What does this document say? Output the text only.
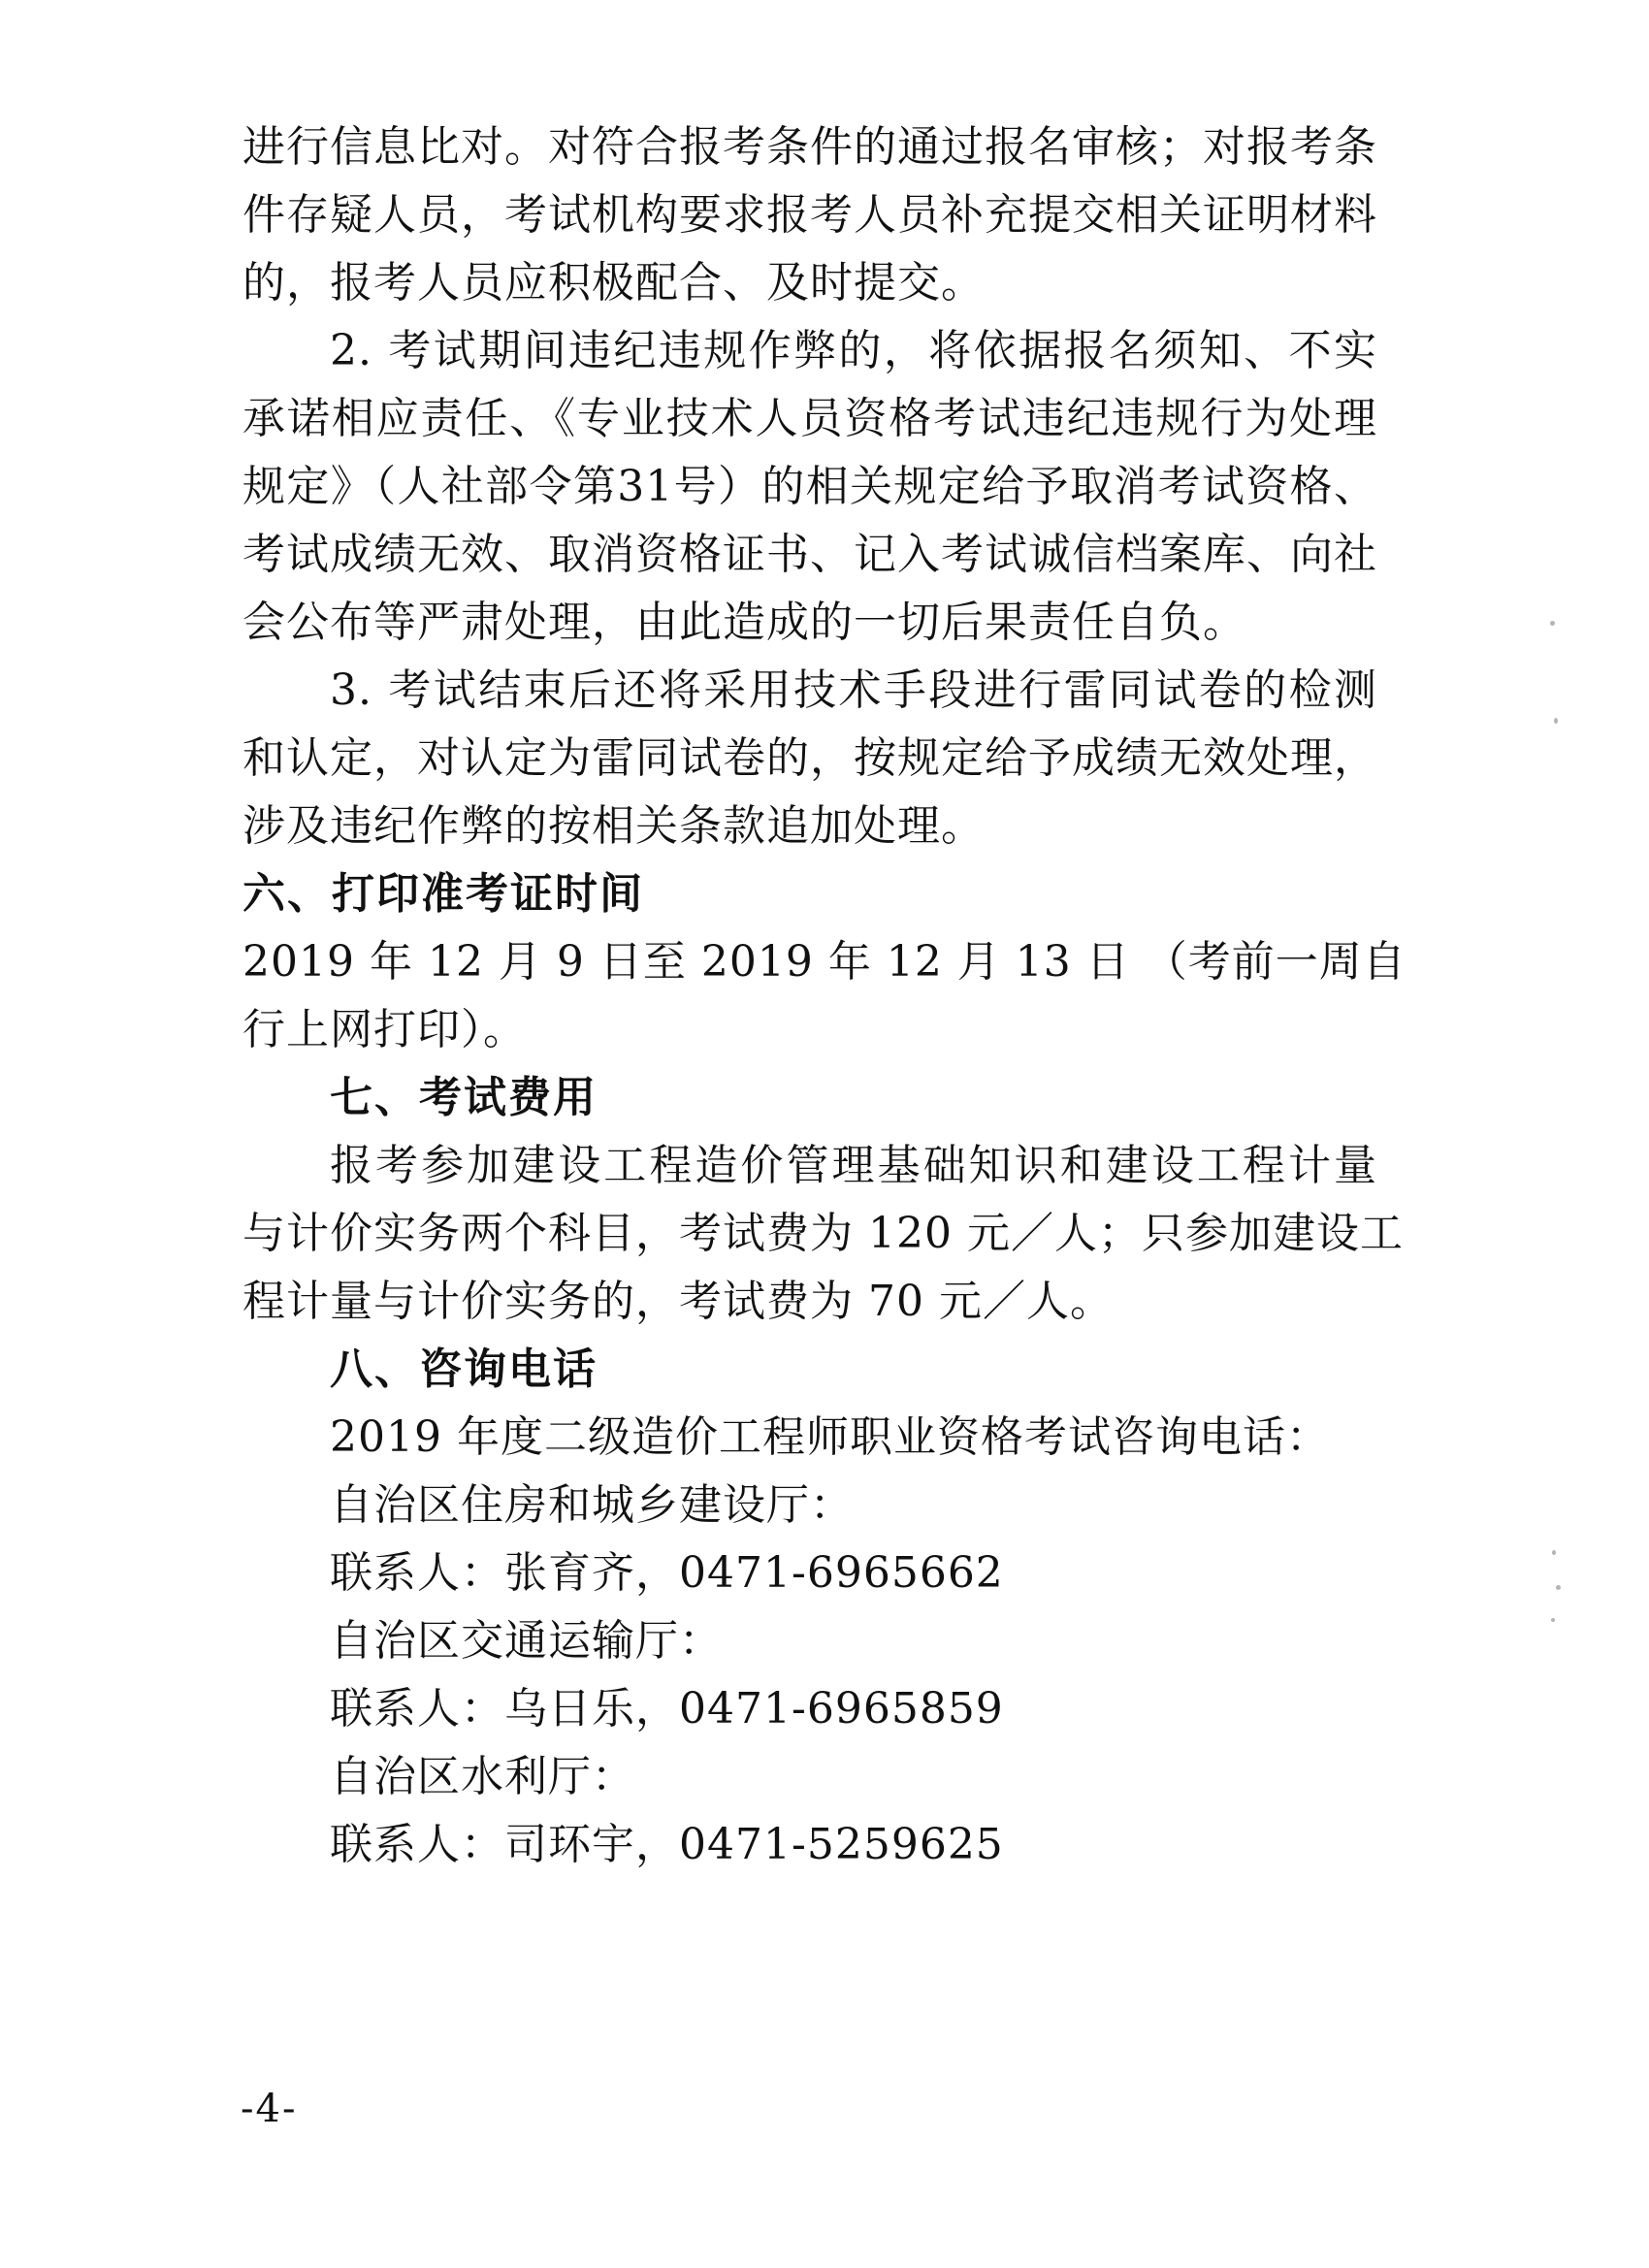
进行信息比对。对符合报考条件的通过报名审核；对报考条
件存疑人员，考试机构要求报考人员补充提交相关证明材料
的，报考人员应积极配合、及时提交。
2. 考试期间违纪违规作弊的，将依据报名须知、不实
承诺相应责任、《专业技术人员资格考试违纪违规行为处理
规定》（人社部令第31号）的相关规定给予取消考试资格、
考试成绩无效、取消资格证书、记入考试诚信档案库、向社
会公布等严肃处理，由此造成的一切后果责任自负。
3. 考试结束后还将采用技术手段进行雷同试卷的检测
和认定，对认定为雷同试卷的，按规定给予成绩无效处理，
涉及违纪作弊的按相关条款追加处理。
六、打印准考证时间
2019 年 12 月 9 日至 2019 年 12 月 13 日 （考前一周自
行上网打印）。
七、考试费用
报考参加建设工程造价管理基础知识和建设工程计量
与计价实务两个科目，考试费为 120 元／人；只参加建设工
程计量与计价实务的，考试费为 70 元／人。
八、咨询电话
2019 年度二级造价工程师职业资格考试咨询电话：
自治区住房和城乡建设厅：
联系人：张育齐，0471-6965662
自治区交通运输厅：
联系人：乌日乐，0471-6965859
自治区水利厅：
联系人：司环宇，0471-5259625
-4-
